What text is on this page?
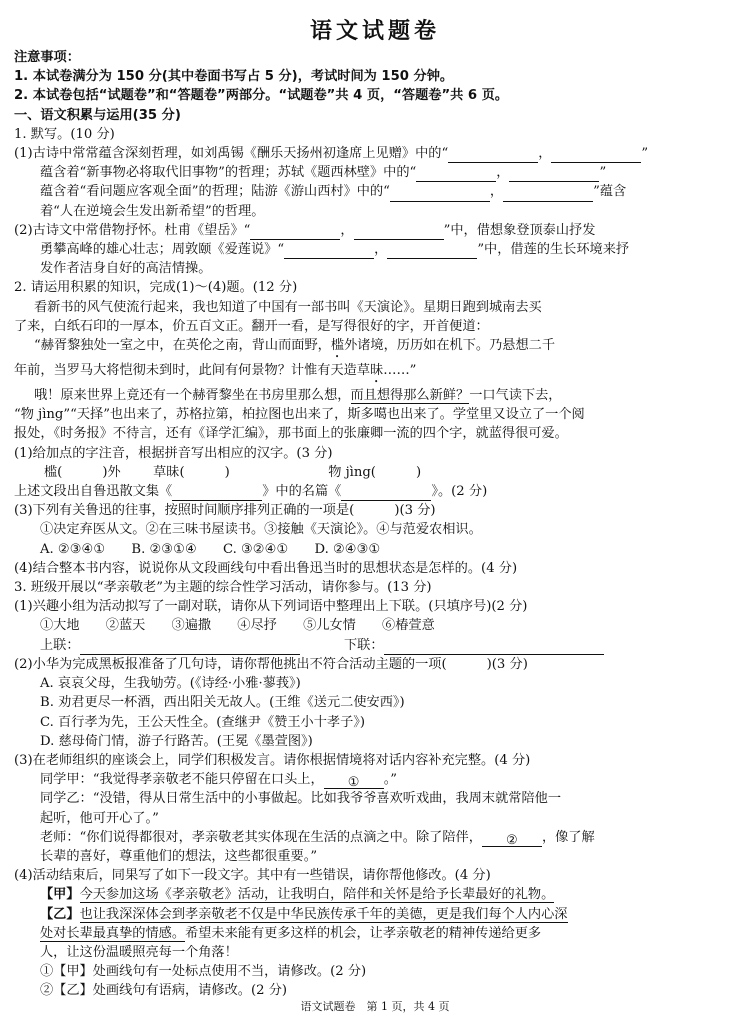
语文试题卷
注意事项：
1. 本试卷满分为 150 分(其中卷面书写占 5 分)，考试时间为 150 分钟。
2. 本试卷包括“试题卷”和“答题卷”两部分。“试题卷”共 4 页，“答题卷”共 6 页。
一、语文积累与运用(35 分)
1. 默写。(10 分)
(1)古诗中常常蕴含深刻哲理，如刘禹锡《酬乐天扬州初逢席上见赠》中的“	，	”
蕴含着“新事物必将取代旧事物”的哲理；苏轼《题西林壁》中的“	，	”
蕴含着“看问题应客观全面”的哲理；陆游《游山西村》中的“	，	”蕴含
着“人在逆境会生发出新希望”的哲理。
(2)古诗文中常借物抒怀。杜甫《望岳》“	，	”中，借想象登顶泰山抒发
勇攀高峰的雄心壮志；周敦颐《爱莲说》“	，	”中，借莲的生长环境来抒
发作者洁身自好的高洁情操。
2. 请运用积累的知识，完成(1)～(4)题。(12 分)
看新书的风气使流行起来，我也知道了中国有一部书叫《天演论》。星期日跑到城南去买
了来，白纸石印的一厚本，价五百文正。翻开一看，是写得很好的字，开首便道：
“赫胥黎独处一室之中，在英伦之南，背山而面野，槛外诸境，历历如在机下。乃悬想二千
年前，当罗马大将恺彻未到时，此间有何景物？计惟有天造草昧……”
哦！原来世界上竟还有一个赫胥黎坐在书房里那么想，而且想得那么新鲜？一口气读下去，
“物 jìng”“天择”也出来了，苏格拉第，柏拉图也出来了，斯多噶也出来了。学堂里又设立了一个阅
报处，《时务报》不待言，还有《译学汇编》，那书面上的张廉卿一流的四个字，就蓝得很可爱。
(1)给加点的字注音，根据拼音写出相应的汉字。(3 分)
槛(	)外 草昧(	)	物 jìng(	)
上述文段出自鲁迅散文集《	》中的名篇《	》。(2 分)
(3)下列有关鲁迅的往事，按照时间顺序排列正确的一项是(	)(3 分)
①决定弃医从文。②在三味书屋读书。③接触《天演论》。④与范爱农相识。
A. ②③④① B. ②③①④ C. ③②④① D. ②④③①
(4)结合整本书内容，说说你从文段画线句中看出鲁迅当时的思想状态是怎样的。(4 分)
3. 班级开展以“孝亲敬老”为主题的综合性学习活动，请你参与。(13 分)
(1)兴趣小组为活动拟写了一副对联，请你从下列词语中整理出上下联。(只填序号)(2 分)
①大地 ②蓝天 ③遍撒 ④尽抒 ⑤儿女情 ⑥椿萱意
上联：	下联：
(2)小华为完成黑板报准备了几句诗，请你帮他挑出不符合活动主题的一项(	)(3 分)
A. 哀哀父母，生我劬劳。(《诗经·小雅·蓼莪》)
B. 劝君更尽一杯酒，西出阳关无故人。(王维《送元二使安西》)
C. 百行孝为先，王公天性全。(查继尹《赞王小十孝子》)
D. 慈母倚门情，游子行路苦。(王冕《墨萱图》)
(3)在老师组织的座谈会上，同学们积极发言。请你根据情境将对话内容补充完整。(4 分)
同学甲：“我觉得孝亲敬老不能只停留在口头上， ① 。”
同学乙：“没错，得从日常生活中的小事做起。比如我爷爷喜欢听戏曲，我周末就常陪他一
起听，他可开心了。”
老师：“你们说得都很对，孝亲敬老其实体现在生活的点滴之中。除了陪伴， ② ，像了解
长辈的喜好，尊重他们的想法，这些都很重要。”
(4)活动结束后，同果写了如下一段文字。其中有一些错误，请你帮他修改。(4 分)
【甲】今天参加这场《孝亲敬老》活动，让我明白，陪伴和关怀是给予长辈最好的礼物。
【乙】也让我深深体会到孝亲敬老不仅是中华民族传承千年的美德，更是我们每个人内心深
处对长辈最真挚的情感。希望未来能有更多这样的机会，让孝亲敬老的精神传递给更多
人，让这份温暖照亮每一个角落！
①【甲】处画线句有一处标点使用不当，请修改。(2 分)
②【乙】处画线句有语病，请修改。(2 分)
语文试题卷　第 1 页，共 4 页
